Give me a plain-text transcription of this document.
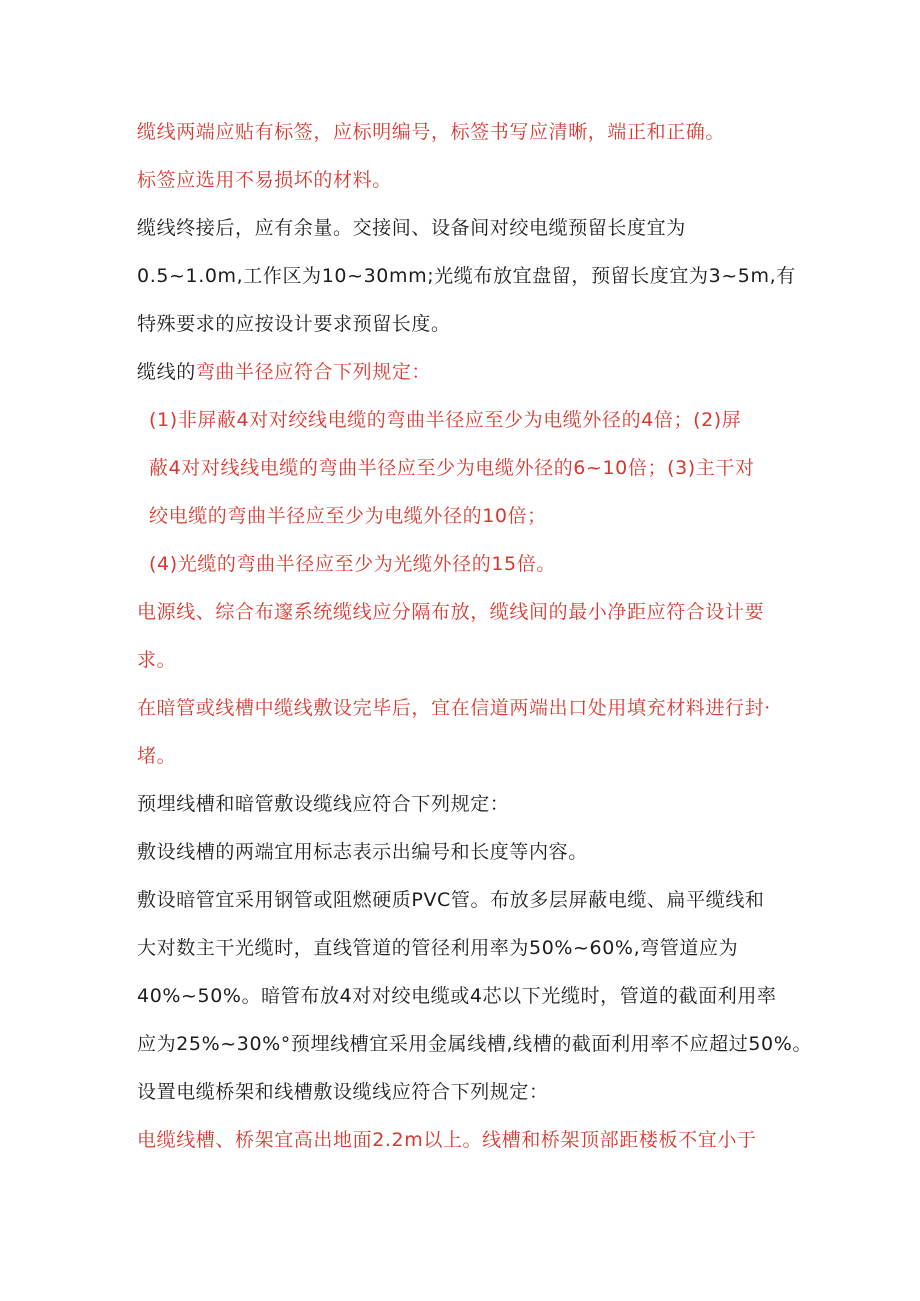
缆线两端应贴有标签，应标明编号，标签书写应清晰，端正和正确。
标签应选用不易损坏的材料。
缆线终接后，应有余量。交接间、设备间对绞电缆预留长度宜为
0.5~1.0m,工作区为10~30mm;光缆布放宜盘留，预留长度宜为3~5m,有
特殊要求的应按设计要求预留长度。
缆线的弯曲半径应符合下列规定：
(1)非屏蔽4对对绞线电缆的弯曲半径应至少为电缆外径的4倍；(2)屏
蔽4对对线线电缆的弯曲半径应至少为电缆外径的6~10倍；(3)主干对
绞电缆的弯曲半径应至少为电缆外径的10倍；
(4)光缆的弯曲半径应至少为光缆外径的15倍。
电源线、综合布邃系统缆线应分隔布放，缆线间的最小净距应符合设计要
求。
在暗管或线槽中缆线敷设完毕后，宜在信道两端出口处用填充材料进行封·
堵。
预埋线槽和暗管敷设缆线应符合下列规定：
敷设线槽的两端宜用标志表示出编号和长度等内容。
敷设暗管宜采用钢管或阻燃硬质PVC管。布放多层屏蔽电缆、扁平缆线和
大对数主干光缆时，直线管道的管径利用率为50%~60%,弯管道应为
40%~50%。暗管布放4对对绞电缆或4芯以下光缆时，管道的截面利用率
应为25%~30%°预埋线槽宜采用金属线槽,线槽的截面利用率不应超过50%。
设置电缆桥架和线槽敷设缆线应符合下列规定：
电缆线槽、桥架宜高出地面2.2m以上。线槽和桥架顶部距楼板不宜小于
